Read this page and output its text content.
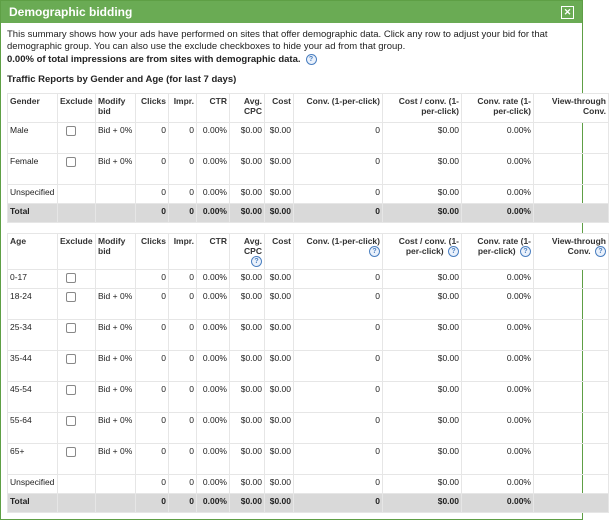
Demographic bidding	✕

This summary shows how your ads have performed on sites that offer demographic data. Click any row to adjust your bid for that demographic group. You can also use the exclude checkboxes to hide your ad from that group.

0.00% of total impressions are from sites with demographic data.	?
Traffic Reports by Gender and Age (for last 7 days)
Gender	Exclude	Modify bid	Clicks	Impr.	CTR	Avg. CPC	Cost	Conv. (1-per-click)	Cost / conv. (1-per-click)	Conv. rate (1-per-click)	View-through Conv.
Male		Bid + 0%	0	0	0.00%	$0.00	$0.00	0	$0.00	0.00%	
Female		Bid + 0%	0	0	0.00%	$0.00	$0.00	0	$0.00	0.00%	
Unspecified			0	0	0.00%	$0.00	$0.00	0	$0.00	0.00%	
Total			0	0	0.00%	$0.00	$0.00	0	$0.00	0.00%	
Age	Exclude	Modify bid	Clicks	Impr.	CTR	Avg. CPC ?	Cost	Conv. (1-per-click) ?	Cost / conv. (1-per-click) ?	Conv. rate (1-per-click) ?	View-through Conv. ?
0-17			0	0	0.00%	$0.00	$0.00	0	$0.00	0.00%	
18-24		Bid + 0%	0	0	0.00%	$0.00	$0.00	0	$0.00	0.00%	
25-34		Bid + 0%	0	0	0.00%	$0.00	$0.00	0	$0.00	0.00%	
35-44		Bid + 0%	0	0	0.00%	$0.00	$0.00	0	$0.00	0.00%	
45-54		Bid + 0%	0	0	0.00%	$0.00	$0.00	0	$0.00	0.00%	
55-64		Bid + 0%	0	0	0.00%	$0.00	$0.00	0	$0.00	0.00%	
65+		Bid + 0%	0	0	0.00%	$0.00	$0.00	0	$0.00	0.00%	
Unspecified			0	0	0.00%	$0.00	$0.00	0	$0.00	0.00%	
Total			0	0	0.00%	$0.00	$0.00	0	$0.00	0.00%	
